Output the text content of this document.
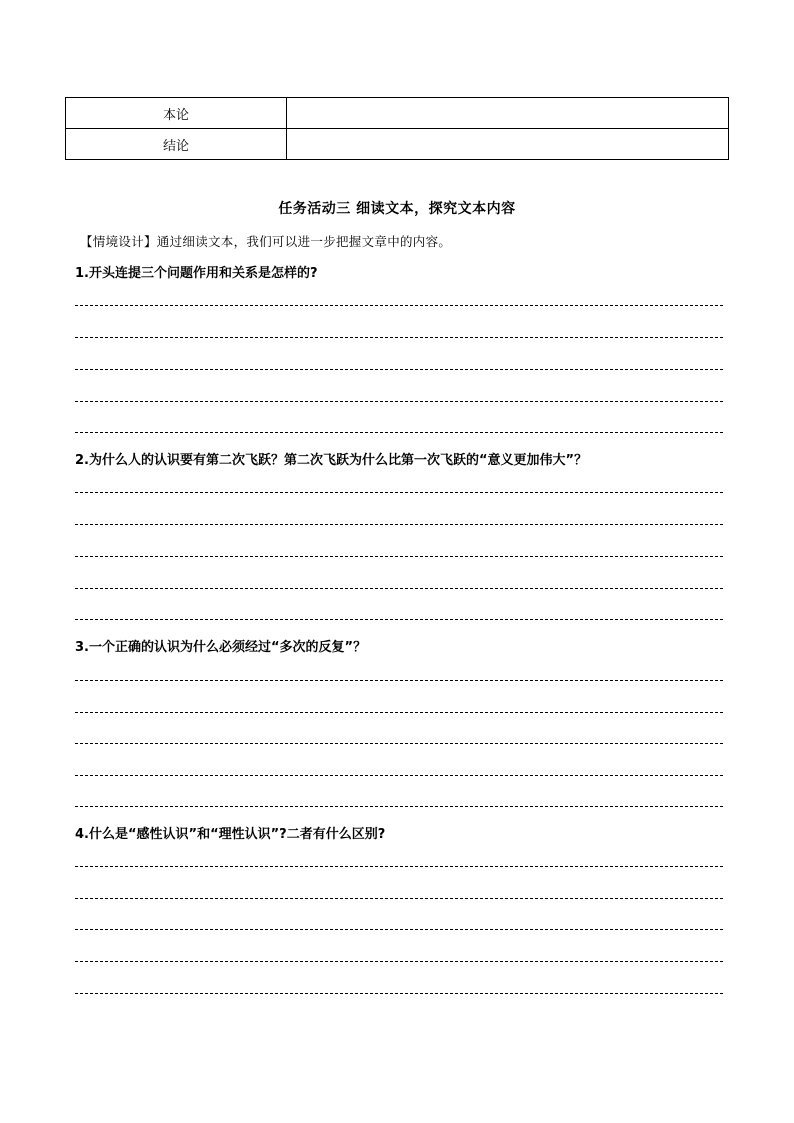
本论	
结论	
任务活动三 细读文本，探究文本内容
【情境设计】通过细读文本，我们可以进一步把握文章中的内容。
1.开头连提三个问题作用和关系是怎样的?
2.为什么人的认识要有第二次飞跃？第二次飞跃为什么比第一次飞跃的“意义更加伟大”？
3.一个正确的认识为什么必须经过“多次的反复”？
4.什么是“感性认识”和“理性认识”?二者有什么区别?
